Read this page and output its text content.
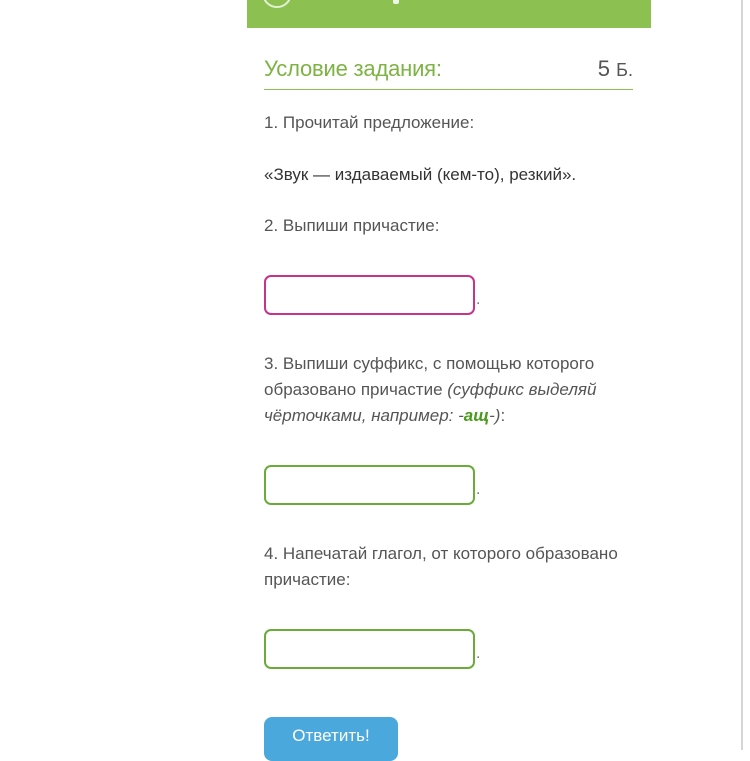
Условие задания:	5 Б.
1. Прочитай предложение:
«Звук — издаваемый (кем-то), резкий».
2. Выпиши причастие:
.
3. Выпиши суффикс, с помощью которого образовано причастие (суффикс выделяй чёрточками, например: -ащ-):
.
4. Напечатай глагол, от которого образовано причастие:
.
Ответить!
